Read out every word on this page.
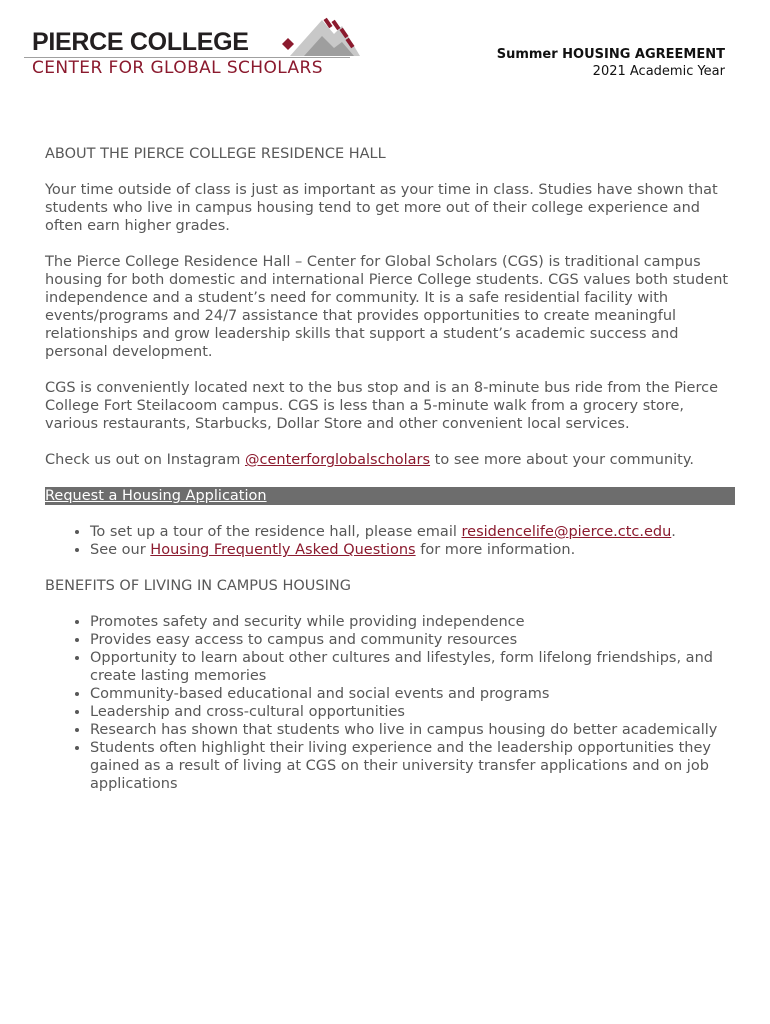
PIERCE COLLEGE
CENTER FOR GLOBAL SCHOLARS
Summer HOUSING AGREEMENT
2021 Academic Year
ABOUT THE PIERCE COLLEGE RESIDENCE HALL

Your time outside of class is just as important as your time in class. Studies have shown that students who live in campus housing tend to get more out of their college experience and often earn higher grades.

The Pierce College Residence Hall – Center for Global Scholars (CGS) is traditional campus housing for both domestic and international Pierce College students. CGS values both student independence and a student’s need for community. It is a safe residential facility with events/programs and 24/7 assistance that provides opportunities to create meaningful relationships and grow leadership skills that support a student’s academic success and personal development.

CGS is conveniently located next to the bus stop and is an 8-minute bus ride from the Pierce College Fort Steilacoom campus. CGS is less than a 5-minute walk from a grocery store, various restaurants, Starbucks, Dollar Store and other convenient local services.

Check us out on Instagram @centerforglobalscholars to see more about your community.

Request a Housing Application
• To set up a tour of the residence hall, please email residencelife@pierce.ctc.edu.
• See our Housing Frequently Asked Questions for more information.
BENEFITS OF LIVING IN CAMPUS HOUSING
• Promotes safety and security while providing independence
• Provides easy access to campus and community resources
• Opportunity to learn about other cultures and lifestyles, form lifelong friendships, and create lasting memories
• Community-based educational and social events and programs
• Leadership and cross-cultural opportunities
• Research has shown that students who live in campus housing do better academically
• Students often highlight their living experience and the leadership opportunities they gained as a result of living at CGS on their university transfer applications and on job applications
